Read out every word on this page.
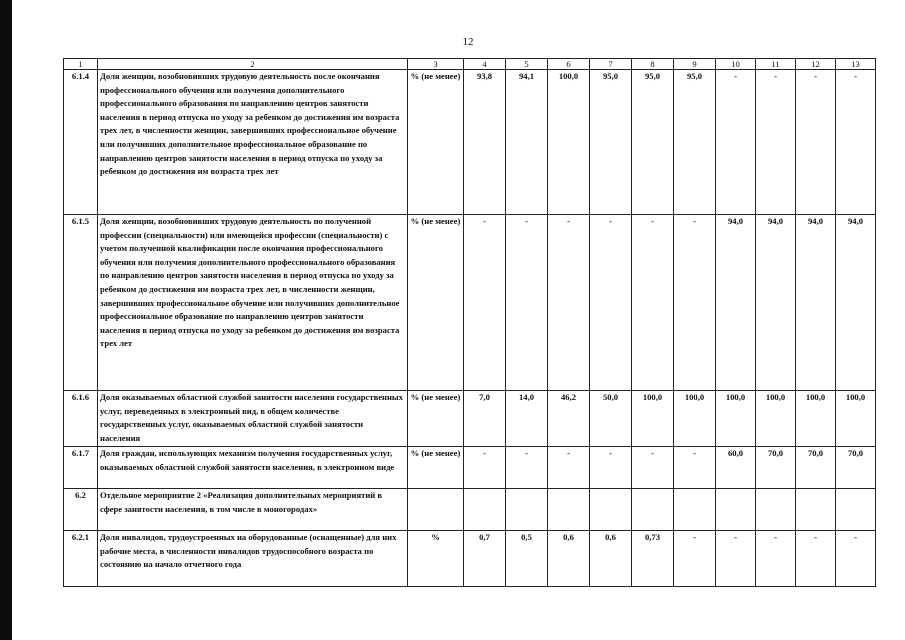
12
1	2	3	4	5	6	7	8	9	10	11	12	13
6.1.4	Доля женщин, возобновивших трудовую деятельность после окончания профессионального обучения или получения дополнительного профессионального образования по направлению центров занятости населения в период отпуска по уходу за ребенком до достижения им возраста трех лет, в численности женщин, завершивших профессиональное обучение или получивших дополнительное профессиональное образование по направлению центров занятости населения в период отпуска по уходу за ребенком до достижения им возраста трех лет	% (не менее)	93,8	94,1	100,0	95,0	95,0	95,0	-	-	-	-
6.1.5	Доля женщин, возобновивших трудовую деятельность по полученной профессии (специальности) или имеющейся профессии (специальности) с учетом полученной квалификации после окончания профессионального обучения или получения дополнительного профессионального образования по направлению центров занятости населения в период отпуска по уходу за ребенком до достижения им возраста трех лет, в численности женщин, завершивших профессиональное обучение или получивших дополнительное профессиональное образование по направлению центров занятости населения в период отпуска по уходу за ребенком до достижения им возраста трех лет	% (не менее)	-	-	-	-	-	-	94,0	94,0	94,0	94,0
6.1.6	Доля оказываемых областной службой занятости населения государственных услуг, переведенных в электронный вид, в общем количестве государственных услуг, оказываемых областной службой занятости населения	% (не менее)	7,0	14,0	46,2	50,0	100,0	100,0	100,0	100,0	100,0	100,0
6.1.7	Доля граждан, использующих механизм получения государственных услуг, оказываемых областной службой занятости населения, в электронном виде	% (не менее)	-	-	-	-	-	-	60,0	70,0	70,0	70,0
6.2	Отдельное мероприятие 2 «Реализация дополнительных мероприятий в сфере занятости населения, в том числе в моногородах»											
6.2.1	Доля инвалидов, трудоустроенных на оборудованные (оснащенные) для них рабочие места, в численности инвалидов трудоспособного возраста по состоянию на начало отчетного года	%	0,7	0,5	0,6	0,6	0,73	-	-	-	-	-
